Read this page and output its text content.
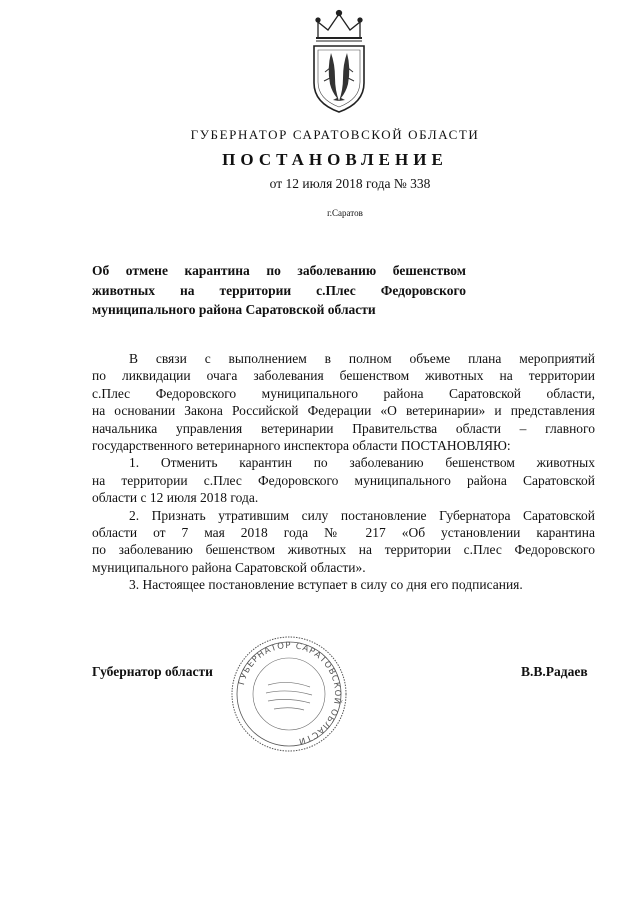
ГУБЕРНАТОР САРАТОВСКОЙ ОБЛАСТИ
ПОСТАНОВЛЕНИЕ
от 12 июля 2018 года № 338
г.Саратов
Об отмене карантина по заболеванию бешенством
животных на территории с.Плес Федоровского
муниципального района Саратовской области
В связи с выполнением в полном объеме плана мероприятий
по ликвидации очага заболевания бешенством животных на территории
с.Плес Федоровского муниципального района Саратовской области,
на основании Закона Российской Федерации «О ветеринарии» и представления
начальника управления ветеринарии Правительства области – главного
государственного ветеринарного инспектора области ПОСТАНОВЛЯЮ:
1. Отменить карантин по заболеванию бешенством животных
на территории с.Плес Федоровского муниципального района Саратовской
области с 12 июля 2018 года.
2. Признать утратившим силу постановление Губернатора Саратовской
области от 7 мая 2018 года № 217 «Об установлении карантина
по заболеванию бешенством животных на территории с.Плес Федоровского
муниципального района Саратовской области».
3. Настоящее постановление вступает в силу со дня его подписания.
Губернатор области
ГУБЕРНАТОР САРАТОВСКОЙ ОБЛАСТИ
В.В.Радаев
